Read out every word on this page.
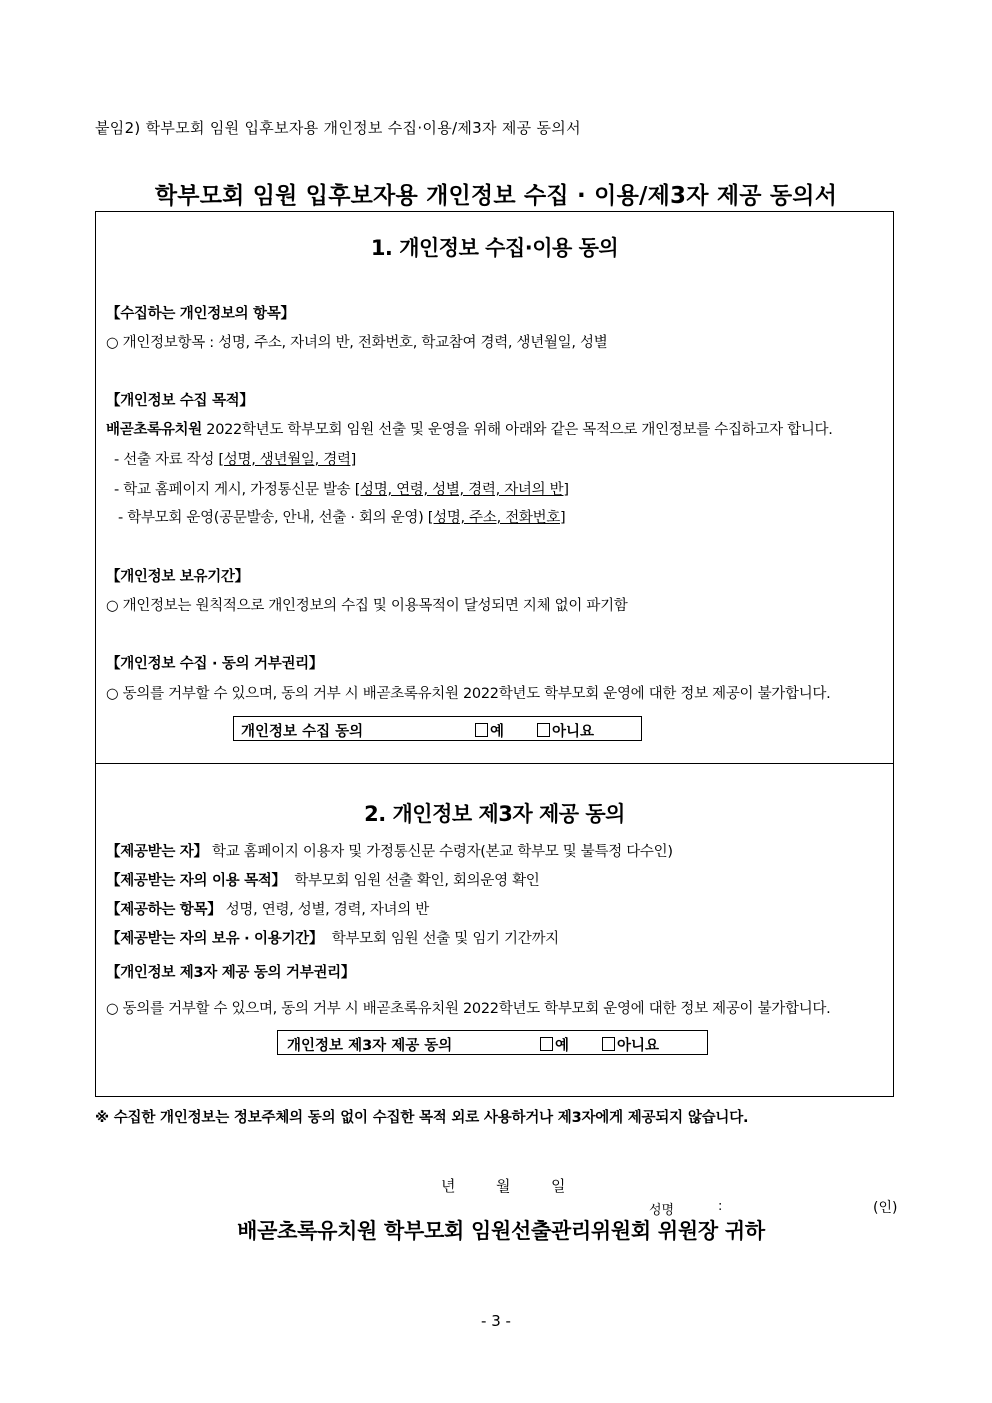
붙임2) 학부모회 임원 입후보자용 개인정보 수집·이용/제3자 제공 동의서
학부모회 임원 입후보자용 개인정보 수집 · 이용/제3자 제공 동의서
1. 개인정보 수집·이용 동의
【수집하는 개인정보의 항목】
○ 개인정보항목 : 성명, 주소, 자녀의 반, 전화번호, 학교참여 경력, 생년월일, 성별
【개인정보 수집 목적】
배곧초록유치원 2022학년도 학부모회 임원 선출 및 운영을 위해 아래와 같은 목적으로 개인정보를 수집하고자 합니다.
- 선출 자료 작성 [성명, 생년월일, 경력]
- 학교 홈페이지 게시, 가정통신문 발송 [성명, 연령, 성별, 경력, 자녀의 반]
- 학부모회 운영(공문발송, 안내, 선출 · 회의 운영) [성명, 주소, 전화번호]
【개인정보 보유기간】
○ 개인정보는 원칙적으로 개인정보의 수집 및 이용목적이 달성되면 지체 없이 파기함
【개인정보 수집 · 동의 거부권리】
○ 동의를 거부할 수 있으며, 동의 거부 시 배곧초록유치원 2022학년도 학부모회 운영에 대한 정보 제공이 불가합니다.
개인정보 수집 동의	예	아니요
2. 개인정보 제3자 제공 동의
【제공받는 자】 학교 홈페이지 이용자 및 가정통신문 수령자(본교 학부모 및 불특정 다수인)
【제공받는 자의 이용 목적】 학부모회 임원 선출 확인, 회의운영 확인
【제공하는 항목】 성명, 연령, 성별, 경력, 자녀의 반
【제공받는 자의 보유 · 이용기간】 학부모회 임원 선출 및 임기 기간까지
【개인정보 제3자 제공 동의 거부권리】
○ 동의를 거부할 수 있으며, 동의 거부 시 배곧초록유치원 2022학년도 학부모회 운영에 대한 정보 제공이 불가합니다.
개인정보 제3자 제공 동의	예	아니요
※ 수집한 개인정보는 정보주체의 동의 없이 수집한 목적 외로 사용하거나 제3자에게 제공되지 않습니다.
년	월	일
성명	:	(인)
배곧초록유치원 학부모회 임원선출관리위원회 위원장 귀하
- 3 -
